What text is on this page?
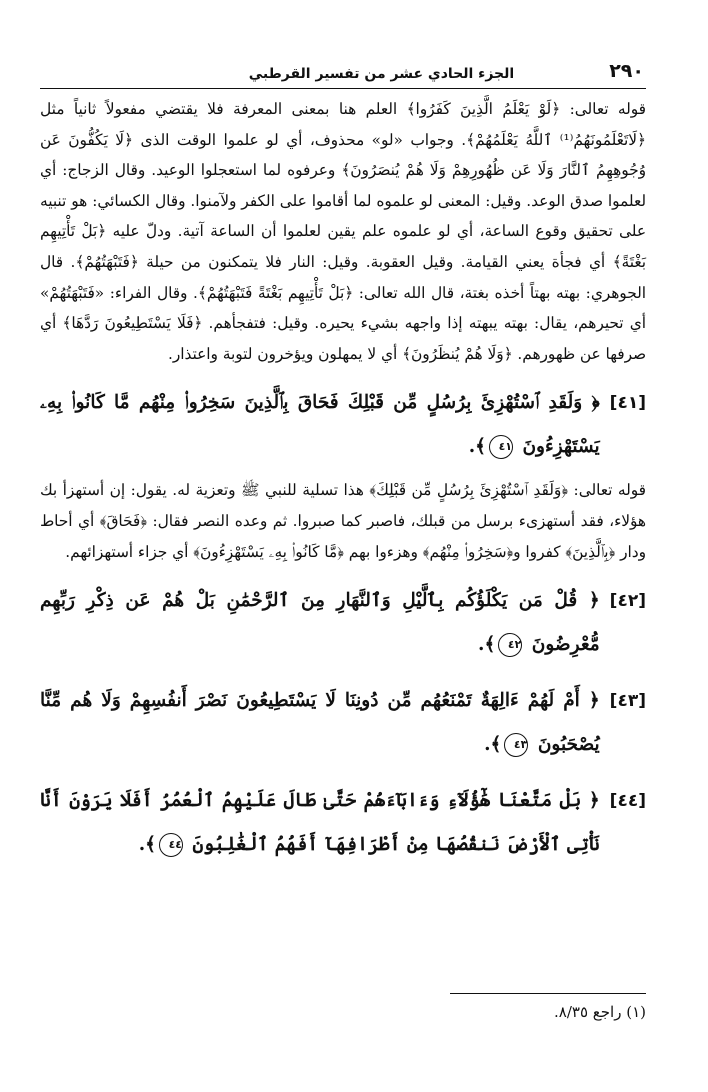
٢٩٠
الجزء الحادي عشر من تفسير القرطبي

قوله تعالى: ﴿لَوْ يَعْلَمُ الَّذِينَ كَفَرُوا﴾ العلم هنا بمعنى المعرفة فلا يقتضي مفعولاً ثانياً مثل ﴿لَاتَعْلَمُونَهُمُ⁽¹⁾ ٱللَّهُ يَعْلَمُهُمْ﴾. وجواب «لو» محذوف، أي لو علموا الوقت الذى ﴿لَا يَكُفُّونَ عَن وُجُوهِهِمُ ٱلنَّارَ وَلَا عَن ظُهُورِهِمْ وَلَا هُمْ يُنصَرُونَ﴾ وعرفوه لما استعجلوا الوعيد. وقال الزجاج: أي لعلموا صدق الوعد. وقيل: المعنى لو علموه لما أقاموا على الكفر ولآمنوا. وقال الكسائي: هو تنبيه على تحقيق وقوع الساعة، أي لو علموه علم يقين لعلموا أن الساعة آتية. ودلّ عليه ﴿بَلْ تَأْتِيهِم بَغْتَةً﴾ أي فجأة يعني القيامة. وقيل العقوبة. وقيل: النار فلا يتمكنون من حيلة ﴿فَتَبْهَتُهُمْ﴾. قال الجوهري: بهته بهتاً أخذه بغتة، قال الله تعالى: ﴿بَلْ تَأْتِيهِم بَغْتَةً فَتَبْهَتُهُمْ﴾. وقال الفراء: «فَتَبْهَتُهُمْ» أي تحيرهم، يقال: بهته يبهته إذا واجهه بشيء يحيره. وقيل: فتفجأهم. ﴿فَلَا يَسْتَطِيعُونَ رَدَّهَا﴾ أي صرفها عن ظهورهم. ﴿وَلَا هُمْ يُنظَرُونَ﴾ أي لا يمهلون ويؤخرون لتوبة واعتذار.

[٤١]
﴿ وَلَقَدِ ٱسْتُهْزِئَ بِرُسُلٍ مِّن قَبْلِكَ فَحَاقَ بِٱلَّذِينَ سَخِرُوا۟ مِنْهُم مَّا كَانُوا۟ بِهِۦ يَسْتَهْزِءُونَ ٤١﴾.

قوله تعالى: ﴿وَلَقَدِ ٱسْتُهْزِئَ بِرُسُلٍ مِّن قَبْلِكَ﴾ هذا تسلية للنبي ﷺ وتعزية له. يقول: إن أستهزأ بك هؤلاء، فقد أستهزىء برسل من قبلك، فاصبر كما صبروا. ثم وعده النصر فقال: ﴿فَحَاقَ﴾ أي أحاط ودار ﴿بِٱلَّذِينَ﴾ كفروا و﴿سَخِرُوا۟ مِنْهُم﴾ وهزءوا بهم ﴿مَّا كَانُوا۟ بِهِۦ يَسْتَهْزِءُونَ﴾ أي جزاء أستهزائهم.

[٤٢]
﴿ قُلْ مَن يَكْلَؤُكُم بِٱلَّيْلِ وَٱلنَّهَارِ مِنَ ٱلرَّحْمَٰنِ بَلْ هُمْ عَن ذِكْرِ رَبِّهِم مُّعْرِضُونَ ٤٢﴾.
[٤٣]
﴿ أَمْ لَهُمْ ءَالِهَةٌ تَمْنَعُهُم مِّن دُونِنَا لَا يَسْتَطِيعُونَ نَصْرَ أَنفُسِهِمْ وَلَا هُم مِّنَّا يُصْحَبُونَ ٤٣﴾.
[٤٤]
﴿ بَلْ مَتَّعْنَا هَٰٓؤُلَآءِ وَءَابَآءَهُمْ حَتَّىٰ طَالَ عَلَيْهِمُ ٱلْعُمُرُ أَفَلَا يَرَوْنَ أَنَّا نَأْتِى ٱلْأَرْضَ نَنقُصُهَا مِنْ أَطْرَافِهَآ أَفَهُمُ ٱلْغَٰلِبُونَ ٤٤﴾.
(١) راجع ٨/٣٥.
